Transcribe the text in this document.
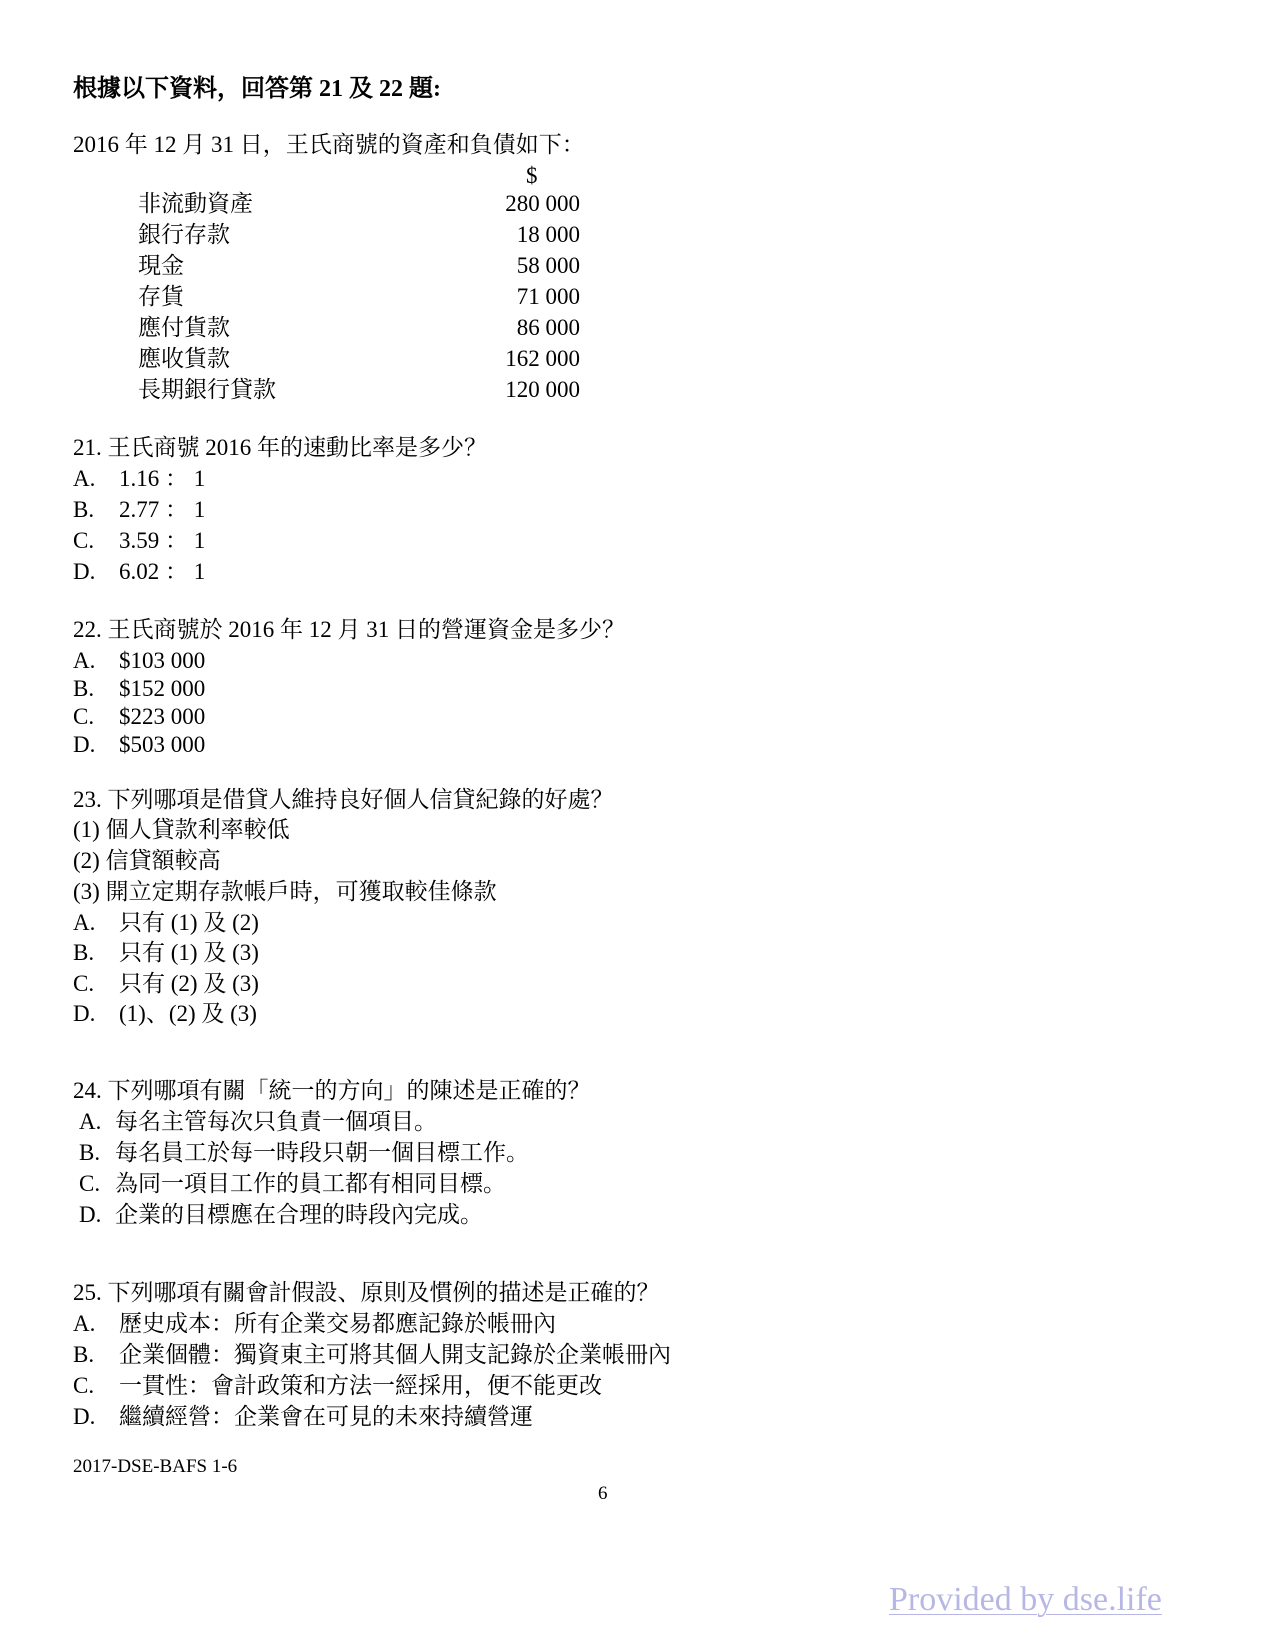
根據以下資料，回答第 21 及 22 題:
2016 年 12 月 31 日，王氏商號的資產和負債如下：
$
非流動資產	280 000
銀行存款	18 000
現金	58 000
存貨	71 000
應付貨款	86 000
應收貨款	162 000
長期銀行貸款	120 000
21. 王氏商號 2016 年的速動比率是多少？
A.	1.16 ： 1
B.	2.77 ： 1
C.	3.59 ： 1
D.	6.02 ： 1
22. 王氏商號於 2016 年 12 月 31 日的營運資金是多少？
A.	$103 000
B.	$152 000
C.	$223 000
D.	$503 000
23. 下列哪項是借貸人維持良好個人信貸紀錄的好處？
(1) 個人貸款利率較低
(2) 信貸額較高
(3) 開立定期存款帳戶時，可獲取較佳條款
A.	只有 (1) 及 (2)
B.	只有 (1) 及 (3)
C.	只有 (2) 及 (3)
D.	(1)、(2) 及 (3)
24. 下列哪項有關「統一的方向」的陳述是正確的？
A. 每名主管每次只負責一個項目。
B. 每名員工於每一時段只朝一個目標工作。
C. 為同一項目工作的員工都有相同目標。
D. 企業的目標應在合理的時段內完成。
25. 下列哪項有關會計假設、原則及慣例的描述是正確的？
A.	歷史成本：所有企業交易都應記錄於帳冊內
B.	企業個體：獨資東主可將其個人開支記錄於企業帳冊內
C.	一貫性：會計政策和方法一經採用，便不能更改
D.	繼續經營：企業會在可見的未來持續營運
2017-DSE-BAFS 1-6
6
Provided by dse.life
